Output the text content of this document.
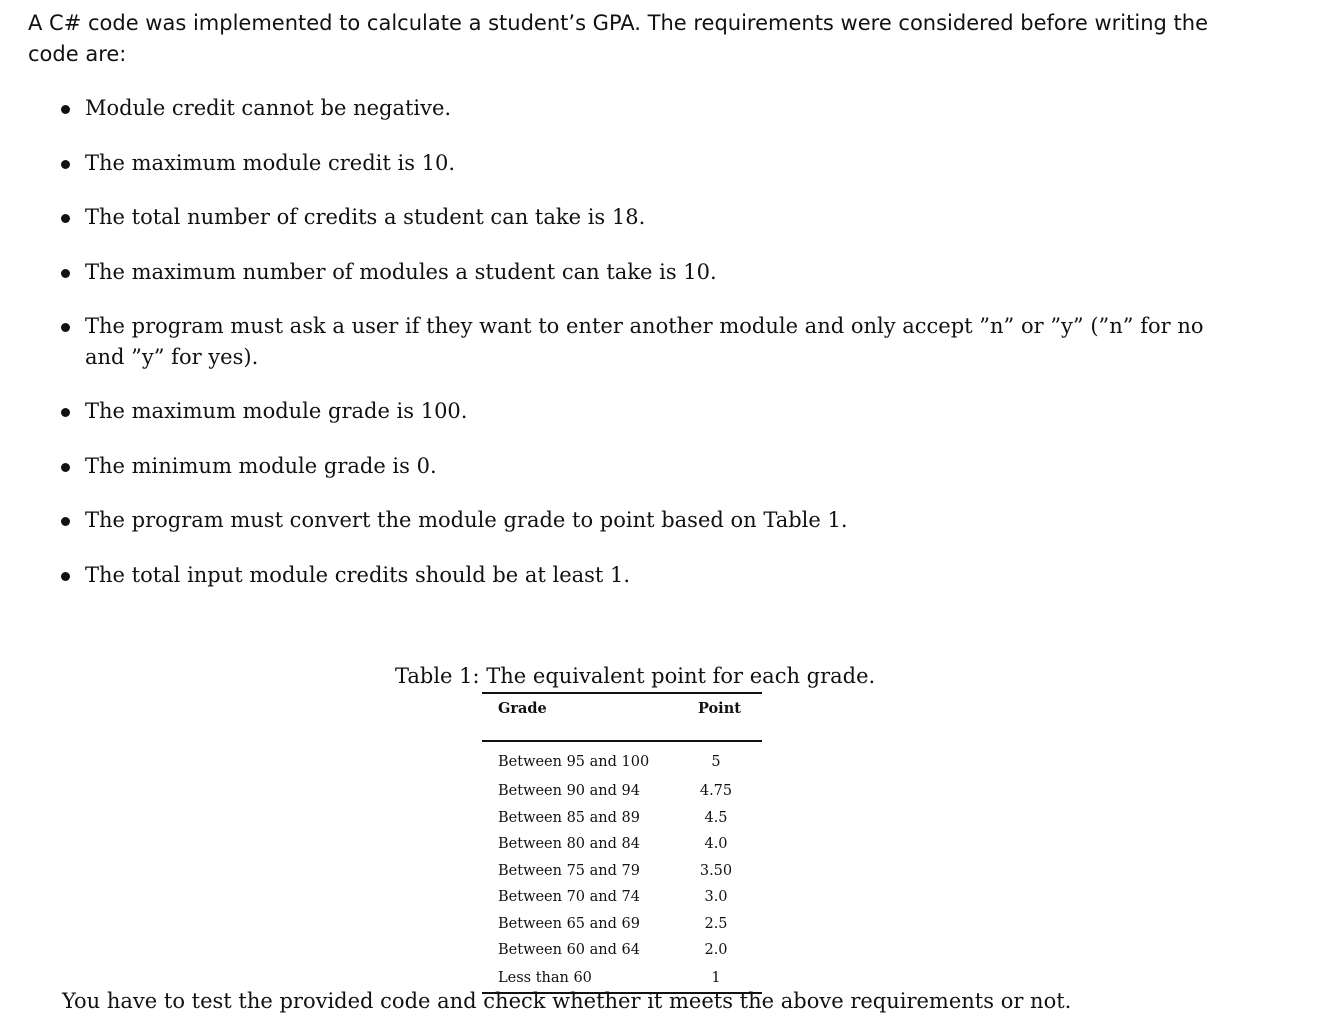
A C# code was implemented to calculate a student’s GPA. The requirements were considered before writing the code are:

Module credit cannot be negative.
The maximum module credit is 10.
The total number of credits a student can take is 18.
The maximum number of modules a student can take is 10.
The program must ask a user if they want to enter another module and only accept ”n” or ”y” (”n” for no and ”y” for yes).
The maximum module grade is 100.
The minimum module grade is 0.
The program must convert the module grade to point based on Table 1.
The total input module credits should be at least 1.

Table 1: The equivalent point for each grade.

Grade	Point
Between 95 and 100	5
Between 90 and 94	4.75
Between 85 and 89	4.5
Between 80 and 84	4.0
Between 75 and 79	3.50
Between 70 and 74	3.0
Between 65 and 69	2.5
Between 60 and 64	2.0
Less than 60	1

You have to test the provided code and check whether it meets the above requirements or not.
